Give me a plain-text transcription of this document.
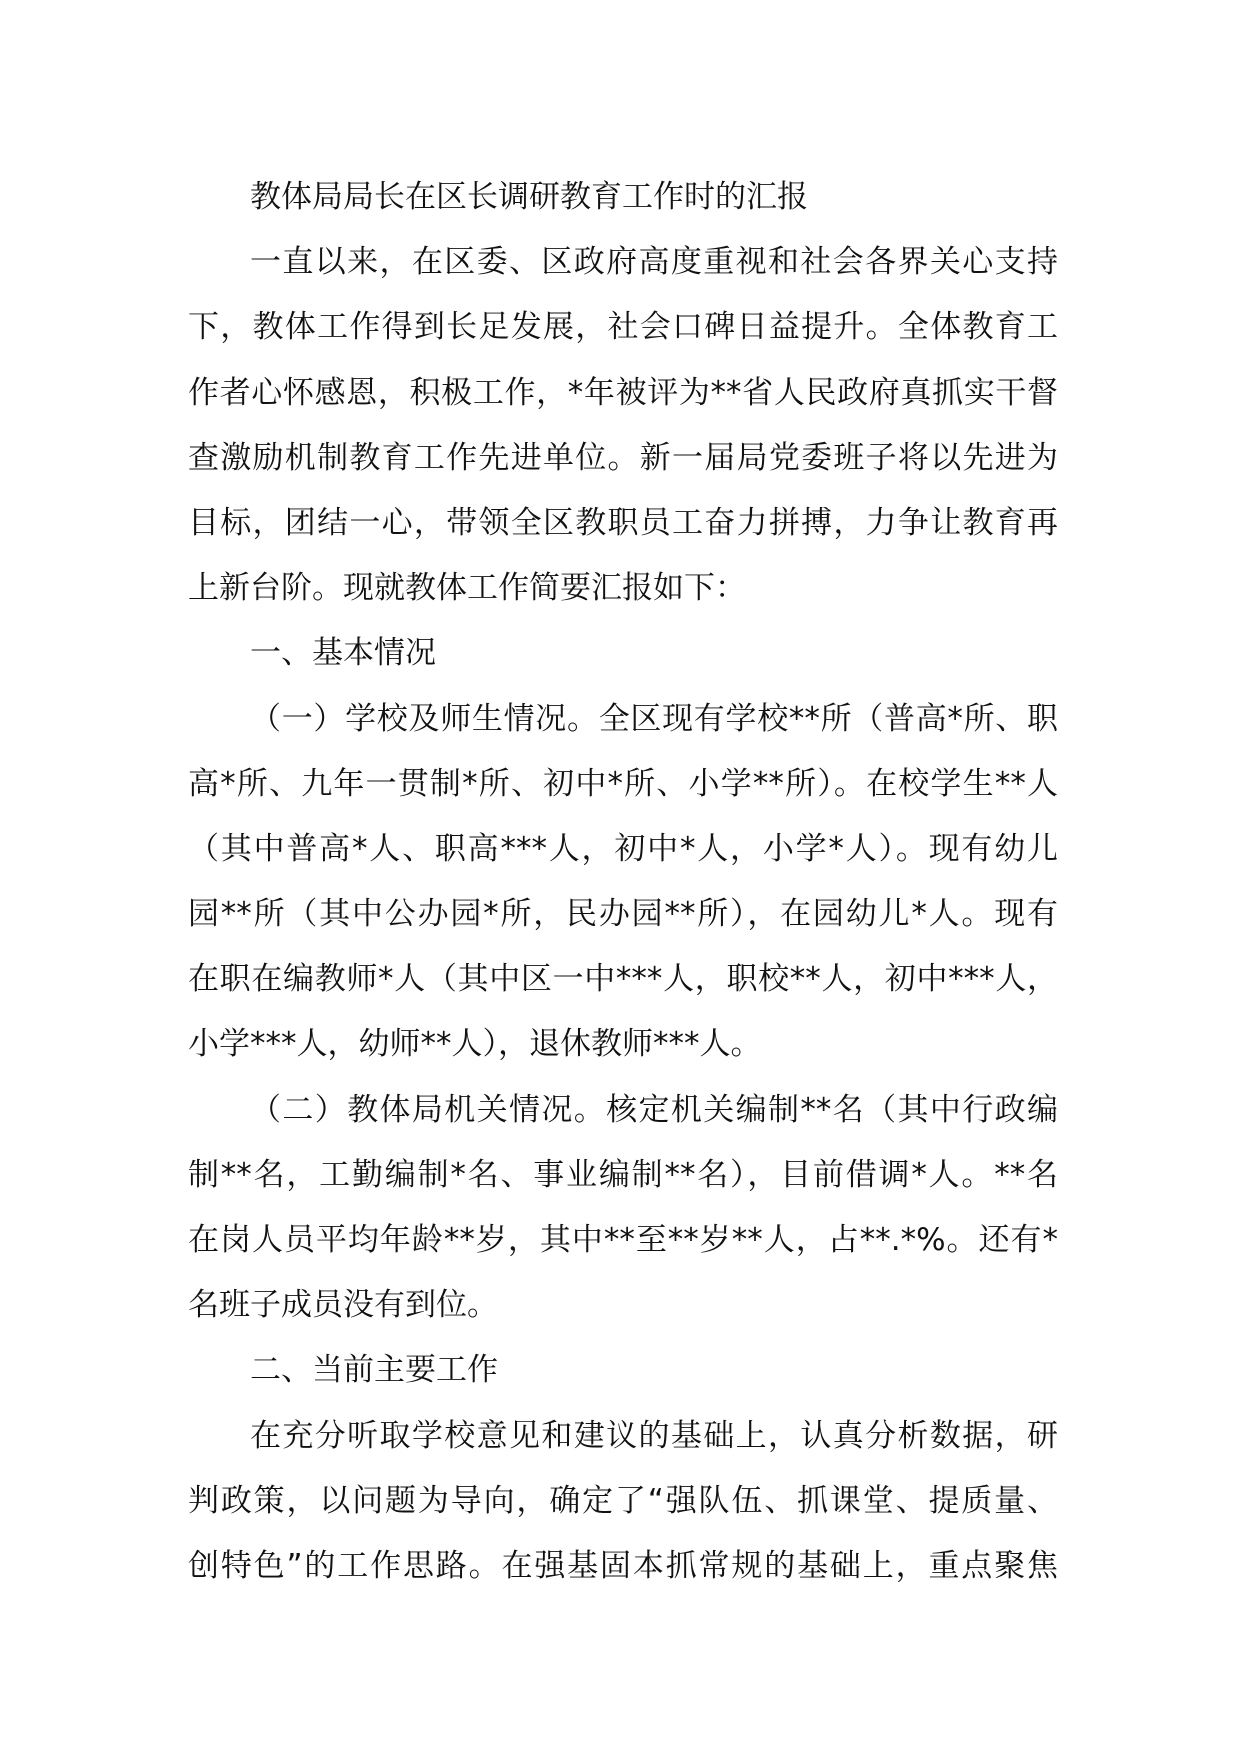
教体局局长在区长调研教育工作时的汇报
一直以来，在区委、区政府高度重视和社会各界关心支持
下，教体工作得到长足发展，社会口碑日益提升。全体教育工
作者心怀感恩，积极工作，*年被评为**省人民政府真抓实干督
查激励机制教育工作先进单位。新一届局党委班子将以先进为
目标，团结一心，带领全区教职员工奋力拼搏，力争让教育再
上新台阶。现就教体工作简要汇报如下：
一、基本情况
（一）学校及师生情况。全区现有学校**所（普高*所、职
高*所、九年一贯制*所、初中*所、小学**所）。在校学生**人
（其中普高*人、职高***人，初中*人，小学*人）。现有幼儿
园**所（其中公办园*所，民办园**所），在园幼儿*人。现有
在职在编教师*人（其中区一中***人，职校**人，初中***人，
小学***人，幼师**人），退休教师***人。
（二）教体局机关情况。核定机关编制**名（其中行政编
制**名，工勤编制*名、事业编制**名），目前借调*人。**名
在岗人员平均年龄**岁，其中**至**岁**人，占**.*%。还有*
名班子成员没有到位。
二、当前主要工作
在充分听取学校意见和建议的基础上，认真分析数据，研
判政策，以问题为导向，确定了“强队伍、抓课堂、提质量、
创特色”的工作思路。在强基固本抓常规的基础上，重点聚焦
